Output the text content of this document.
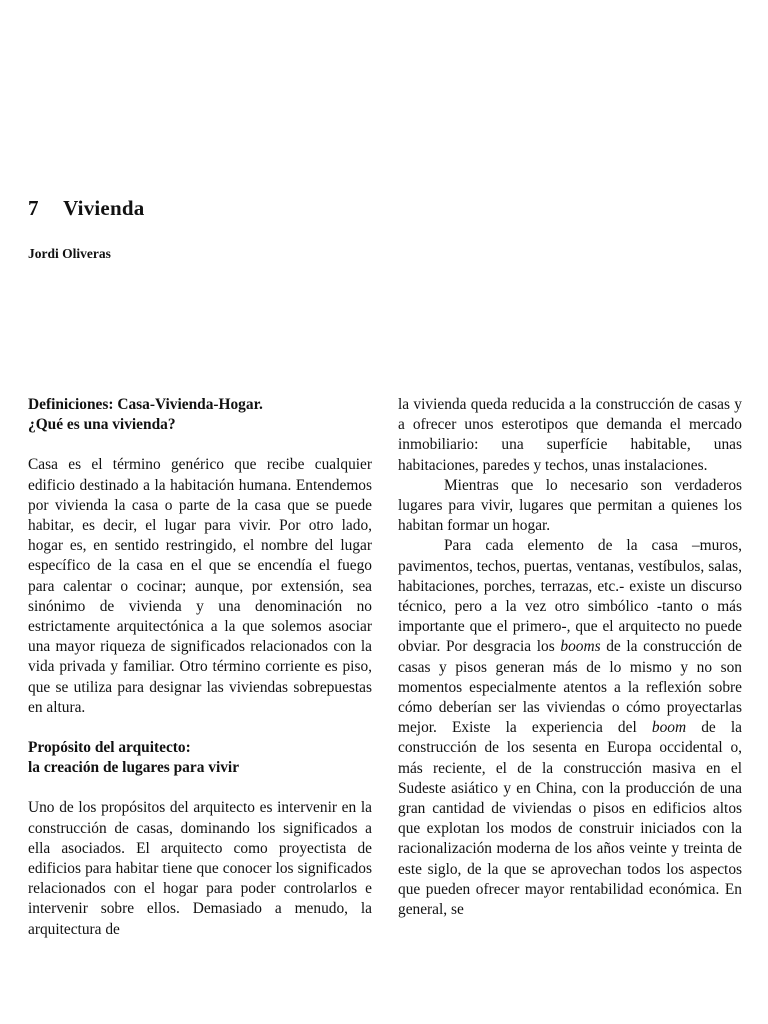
7 Vivienda

Jordi Oliveras

Definiciones: Casa-Vivienda-Hogar.
¿Qué es una vivienda?

Casa es el término genérico que recibe cualquier edificio destinado a la habitación humana. Entendemos por vivienda la casa o parte de la casa que se puede habitar, es decir, el lugar para vivir. Por otro lado, hogar es, en sentido restringido, el nombre del lugar específico de la casa en el que se encendía el fuego para calentar o cocinar; aunque, por extensión, sea sinónimo de vivienda y una denominación no estrictamente arquitectónica a la que solemos asociar una mayor riqueza de significados relacionados con la vida privada y familiar. Otro término corriente es piso, que se utiliza para designar las viviendas sobrepuestas en altura.

Propósito del arquitecto:
la creación de lugares para vivir

Uno de los propósitos del arquitecto es intervenir en la construcción de casas, dominando los significados a ella asociados. El arquitecto como proyectista de edificios para habitar tiene que conocer los significados relacionados con el hogar para poder controlarlos e intervenir sobre ellos. Demasiado a menudo, la arquitectura de

la vivienda queda reducida a la construcción de casas y a ofrecer unos esterotipos que demanda el mercado inmobiliario: una superfície habitable, unas habitaciones, paredes y techos, unas instalaciones.

Mientras que lo necesario son verdaderos lugares para vivir, lugares que permitan a quienes los habitan formar un hogar.

Para cada elemento de la casa –muros, pavimentos, techos, puertas, ventanas, vestíbulos, salas, habitaciones, porches, terrazas, etc.- existe un discurso técnico, pero a la vez otro simbólico -tanto o más importante que el primero-, que el arquitecto no puede obviar. Por desgracia los booms de la construcción de casas y pisos generan más de lo mismo y no son momentos especialmente atentos a la reflexión sobre cómo deberían ser las viviendas o cómo proyectarlas mejor. Existe la experiencia del boom de la construcción de los sesenta en Europa occidental o, más reciente, el de la construcción masiva en el Sudeste asiático y en China, con la producción de una gran cantidad de viviendas o pisos en edificios altos que explotan los modos de construir iniciados con la racionalización moderna de los años veinte y treinta de este siglo, de la que se aprovechan todos los aspectos que pueden ofrecer mayor rentabilidad económica. En general, se
